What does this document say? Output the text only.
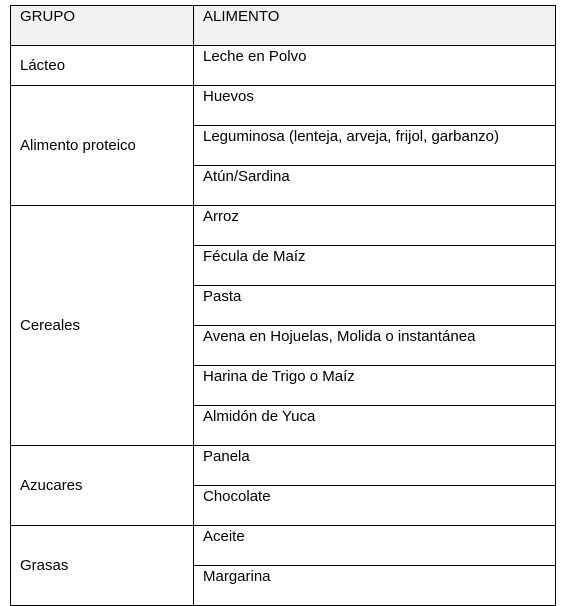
GRUPO	ALIMENTO
Lácteo	Leche en Polvo
Alimento proteico	Huevos
	Leguminosa (lenteja, arveja, frijol, garbanzo)
	Atún/Sardina
Cereales	Arroz
	Fécula de Maíz
	Pasta
	Avena en Hojuelas, Molida o instantánea
	Harina de Trigo o Maíz
	Almidón de Yuca
Azucares	Panela
	Chocolate
Grasas	Aceite
	Margarina
